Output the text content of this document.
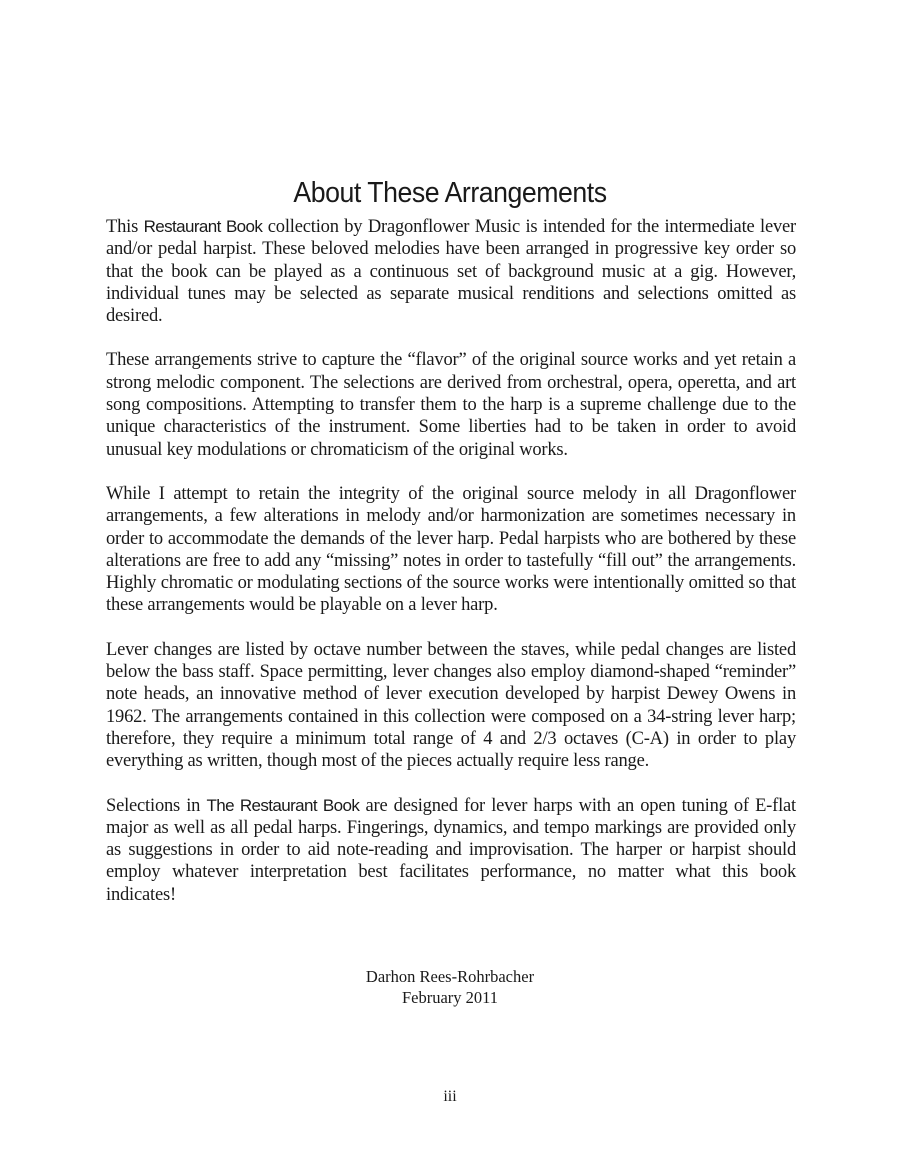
About These Arrangements

This Restaurant Book collection by Dragonflower Music is intended for the intermediate lever and/or pedal harpist. These beloved melodies have been arranged in progressive key order so that the book can be played as a continuous set of background music at a gig. However, individual tunes may be selected as separate musical renditions and selections omitted as desired.

These arrangements strive to capture the “flavor” of the original source works and yet retain a strong melodic component. The selections are derived from orchestral, opera, operetta, and art song compositions. Attempting to transfer them to the harp is a supreme challenge due to the unique characteristics of the instrument. Some liberties had to be taken in order to avoid unusual key modulations or chromaticism of the original works.

While I attempt to retain the integrity of the original source melody in all Dragonflower arrangements, a few alterations in melody and/or harmonization are sometimes necessary in order to accommodate the demands of the lever harp. Pedal harpists who are bothered by these alterations are free to add any “missing” notes in order to tastefully “fill out” the arrangements. Highly chromatic or modulating sections of the source works were intentionally omitted so that these arrangements would be playable on a lever harp.

Lever changes are listed by octave number between the staves, while pedal changes are listed below the bass staff. Space permitting, lever changes also employ diamond-shaped “reminder” note heads, an innovative method of lever execution developed by harpist Dewey Owens in 1962. The arrangements contained in this collection were composed on a 34-string lever harp; therefore, they require a minimum total range of 4 and 2/3 octaves (C-A) in order to play everything as written, though most of the pieces actually require less range.

Selections in The Restaurant Book are designed for lever harps with an open tuning of E-flat major as well as all pedal harps. Fingerings, dynamics, and tempo markings are provided only as suggestions in order to aid note-reading and improvisation. The harper or harpist should employ whatever interpretation best facilitates performance, no matter what this book indicates!

Darhon Rees-Rohrbacher
February 2011
iii
